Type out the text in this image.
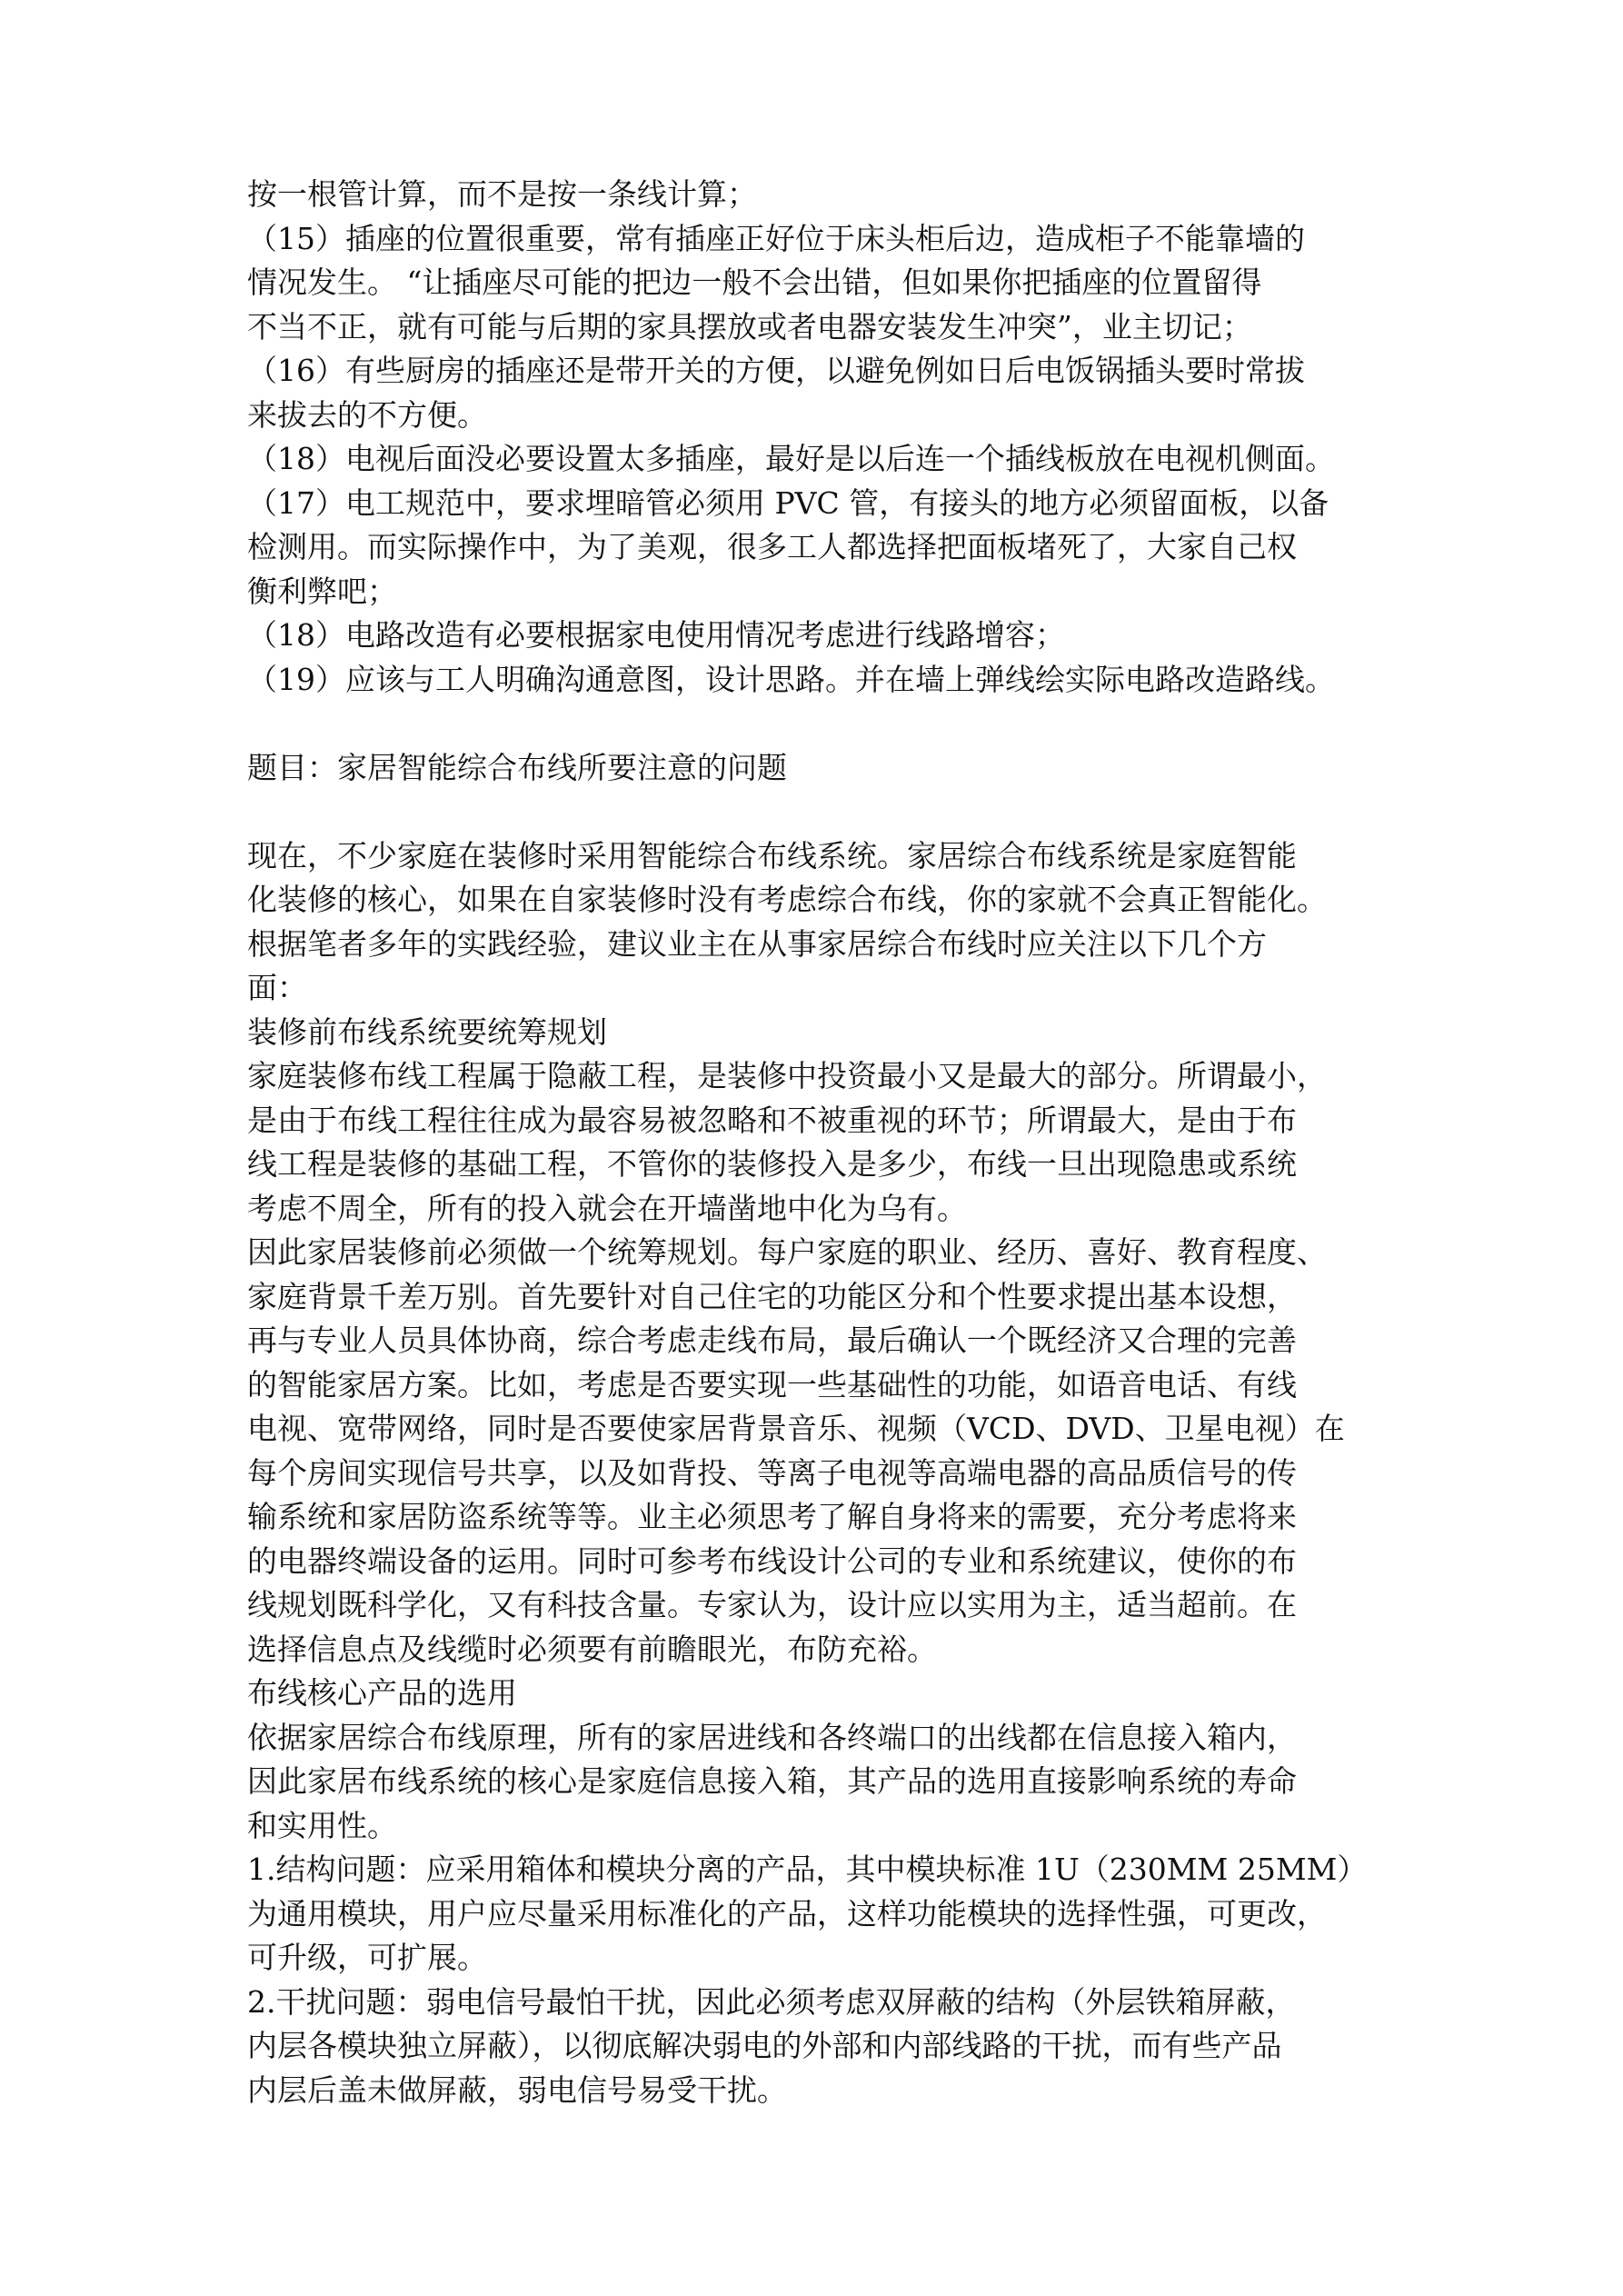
按一根管计算，而不是按一条线计算；
（15）插座的位置很重要，常有插座正好位于床头柜后边，造成柜子不能靠墙的
情况发生。 “让插座尽可能的把边一般不会出错，但如果你把插座的位置留得
不当不正，就有可能与后期的家具摆放或者电器安装发生冲突”，业主切记；
（16）有些厨房的插座还是带开关的方便，以避免例如日后电饭锅插头要时常拔
来拔去的不方便。
（18）电视后面没必要设置太多插座，最好是以后连一个插线板放在电视机侧面。
（17）电工规范中，要求埋暗管必须用 PVC 管，有接头的地方必须留面板，以备
检测用。而实际操作中，为了美观，很多工人都选择把面板堵死了，大家自己权
衡利弊吧；
（18）电路改造有必要根据家电使用情况考虑进行线路增容；
（19）应该与工人明确沟通意图，设计思路。并在墙上弹线绘实际电路改造路线。
题目：家居智能综合布线所要注意的问题
现在，不少家庭在装修时采用智能综合布线系统。家居综合布线系统是家庭智能
化装修的核心，如果在自家装修时没有考虑综合布线，你的家就不会真正智能化。
根据笔者多年的实践经验，建议业主在从事家居综合布线时应关注以下几个方
面：
装修前布线系统要统筹规划
家庭装修布线工程属于隐蔽工程，是装修中投资最小又是最大的部分。所谓最小，
是由于布线工程往往成为最容易被忽略和不被重视的环节；所谓最大，是由于布
线工程是装修的基础工程，不管你的装修投入是多少，布线一旦出现隐患或系统
考虑不周全，所有的投入就会在开墙凿地中化为乌有。
因此家居装修前必须做一个统筹规划。每户家庭的职业、经历、喜好、教育程度、
家庭背景千差万别。首先要针对自己住宅的功能区分和个性要求提出基本设想，
再与专业人员具体协商，综合考虑走线布局，最后确认一个既经济又合理的完善
的智能家居方案。比如，考虑是否要实现一些基础性的功能，如语音电话、有线
电视、宽带网络，同时是否要使家居背景音乐、视频（VCD、DVD、卫星电视）在
每个房间实现信号共享，以及如背投、等离子电视等高端电器的高品质信号的传
输系统和家居防盗系统等等。业主必须思考了解自身将来的需要，充分考虑将来
的电器终端设备的运用。同时可参考布线设计公司的专业和系统建议，使你的布
线规划既科学化，又有科技含量。专家认为，设计应以实用为主，适当超前。在
选择信息点及线缆时必须要有前瞻眼光，布防充裕。
布线核心产品的选用
依据家居综合布线原理，所有的家居进线和各终端口的出线都在信息接入箱内，
因此家居布线系统的核心是家庭信息接入箱，其产品的选用直接影响系统的寿命
和实用性。
1.结构问题：应采用箱体和模块分离的产品，其中模块标准 1U（230MM 25MM）
为通用模块，用户应尽量采用标准化的产品，这样功能模块的选择性强，可更改，
可升级，可扩展。
2.干扰问题：弱电信号最怕干扰，因此必须考虑双屏蔽的结构（外层铁箱屏蔽，
内层各模块独立屏蔽），以彻底解决弱电的外部和内部线路的干扰，而有些产品
内层后盖未做屏蔽，弱电信号易受干扰。
